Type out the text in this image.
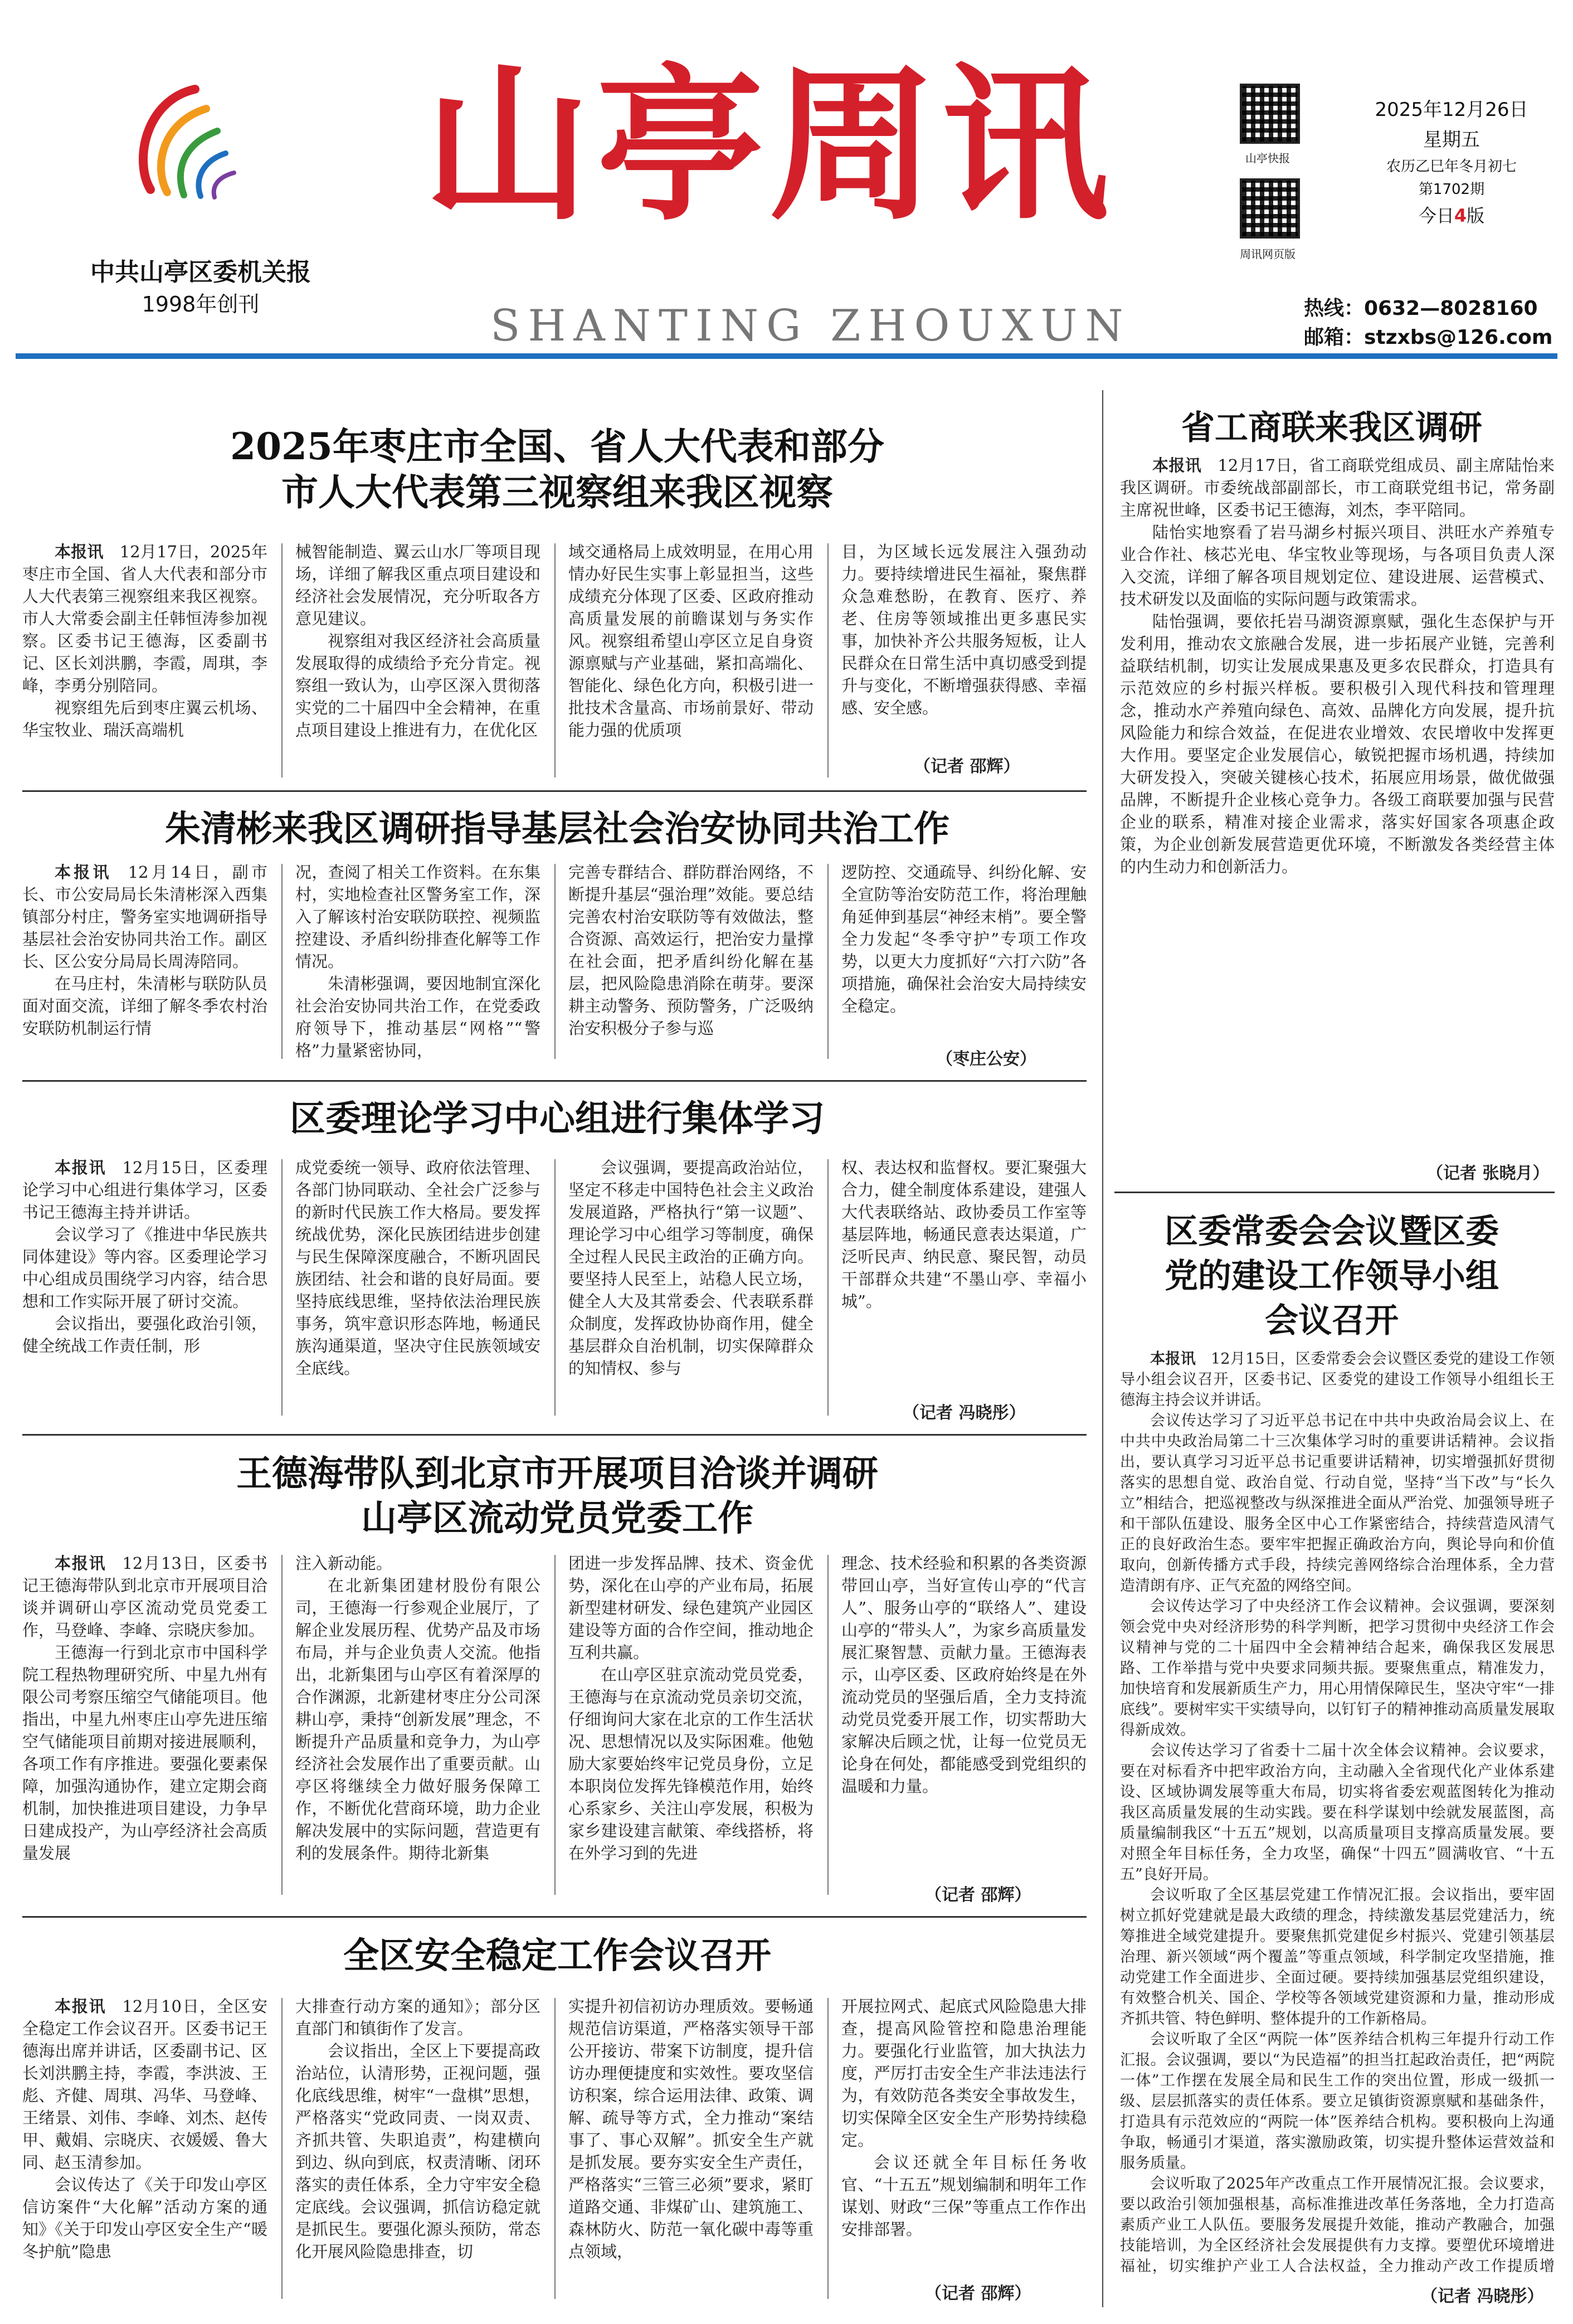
中共山亭区委机关报
1998年创刊
山亭周讯
SHANTING ZHOUXUN
山亭快报
周讯网页版
2025年12月26日
星期五
农历乙巳年冬月初七
第1702期
今日4版
热线：0632—8028160
邮箱：stzxbs@126.com
2025年枣庄市全国、省人大代表和部分
市人大代表第三视察组来我区视察

本报讯  12月17日，2025年枣庄市全国、省人大代表和部分市人大代表第三视察组来我区视察。市人大常委会副主任韩恒涛参加视察。区委书记王德海，区委副书记、区长刘洪鹏，李霞，周琪，李峰，李勇分别陪同。

视察组先后到枣庄翼云机场、华宝牧业、瑞沃高端机

械智能制造、翼云山水厂等项目现场，详细了解我区重点项目建设和经济社会发展情况，充分听取各方意见建议。

视察组对我区经济社会高质量发展取得的成绩给予充分肯定。视察组一致认为，山亭区深入贯彻落实党的二十届四中全会精神，在重点项目建设上推进有力，在优化区

域交通格局上成效明显，在用心用情办好民生实事上彰显担当，这些成绩充分体现了区委、区政府推动高质量发展的前瞻谋划与务实作风。视察组希望山亭区立足自身资源禀赋与产业基础，紧扣高端化、智能化、绿色化方向，积极引进一批技术含量高、市场前景好、带动能力强的优质项

目，为区域长远发展注入强劲动力。要持续增进民生福祉，聚焦群众急难愁盼，在教育、医疗、养老、住房等领域推出更多惠民实事，加快补齐公共服务短板，让人民群众在日常生活中真切感受到提升与变化，不断增强获得感、幸福感、安全感。

（记者 邵辉）
朱清彬来我区调研指导基层社会治安协同共治工作

本报讯  12月14日，副市长、市公安局局长朱清彬深入西集镇部分村庄，警务室实地调研指导基层社会治安协同共治工作。副区长、区公安分局局长周涛陪同。

在马庄村，朱清彬与联防队员面对面交流，详细了解冬季农村治安联防机制运行情

况，查阅了相关工作资料。在东集村，实地检查社区警务室工作，深入了解该村治安联防联控、视频监控建设、矛盾纠纷排查化解等工作情况。

朱清彬强调，要因地制宜深化社会治安协同共治工作，在党委政府领导下，推动基层“网格”“警格”力量紧密协同，

完善专群结合、群防群治网络，不断提升基层“强治理”效能。要总结完善农村治安联防等有效做法，整合资源、高效运行，把治安力量撑在社会面，把矛盾纠纷化解在基层，把风险隐患消除在萌芽。要深耕主动警务、预防警务，广泛吸纳治安积极分子参与巡

逻防控、交通疏导、纠纷化解、安全宣防等治安防范工作，将治理触角延伸到基层“神经末梢”。要全警全力发起“冬季守护”专项工作攻势，以更大力度抓好“六打六防”各项措施，确保社会治安大局持续安全稳定。

（枣庄公安）
区委理论学习中心组进行集体学习

本报讯  12月15日，区委理论学习中心组进行集体学习，区委书记王德海主持并讲话。

会议学习了《推进中华民族共同体建设》等内容。区委理论学习中心组成员围绕学习内容，结合思想和工作实际开展了研讨交流。

会议指出，要强化政治引领，健全统战工作责任制，形

成党委统一领导、政府依法管理、各部门协同联动、全社会广泛参与的新时代民族工作大格局。要发挥统战优势，深化民族团结进步创建与民生保障深度融合，不断巩固民族团结、社会和谐的良好局面。要坚持底线思维，坚持依法治理民族事务，筑牢意识形态阵地，畅通民族沟通渠道，坚决守住民族领域安全底线。

会议强调，要提高政治站位，坚定不移走中国特色社会主义政治发展道路，严格执行“第一议题”、理论学习中心组学习等制度，确保全过程人民民主政治的正确方向。要坚持人民至上，站稳人民立场，健全人大及其常委会、代表联系群众制度，发挥政协协商作用，健全基层群众自治机制，切实保障群众的知情权、参与

权、表达权和监督权。要汇聚强大合力，健全制度体系建设，建强人大代表联络站、政协委员工作室等基层阵地，畅通民意表达渠道，广泛听民声、纳民意、聚民智，动员干部群众共建“不墨山亭、幸福小城”。

（记者 冯晓彤）
王德海带队到北京市开展项目洽谈并调研
山亭区流动党员党委工作

本报讯  12月13日，区委书记王德海带队到北京市开展项目洽谈并调研山亭区流动党员党委工作，马登峰、李峰、宗晓庆参加。

王德海一行到北京市中国科学院工程热物理研究所、中星九州有限公司考察压缩空气储能项目。他指出，中星九州枣庄山亭先进压缩空气储能项目前期对接进展顺利，各项工作有序推进。要强化要素保障，加强沟通协作，建立定期会商机制，加快推进项目建设，力争早日建成投产，为山亭经济社会高质量发展

注入新动能。

在北新集团建材股份有限公司，王德海一行参观企业展厅，了解企业发展历程、优势产品及市场布局，并与企业负责人交流。他指出，北新集团与山亭区有着深厚的合作渊源，北新建材枣庄分公司深耕山亭，秉持“创新发展”理念，不断提升产品质量和竞争力，为山亭经济社会发展作出了重要贡献。山亭区将继续全力做好服务保障工作，不断优化营商环境，助力企业解决发展中的实际问题，营造更有利的发展条件。期待北新集

团进一步发挥品牌、技术、资金优势，深化在山亭的产业布局，拓展新型建材研发、绿色建筑产业园区建设等方面的合作空间，推动地企互利共赢。

在山亭区驻京流动党员党委，王德海与在京流动党员亲切交流，仔细询问大家在北京的工作生活状况、思想情况以及实际困难。他勉励大家要始终牢记党员身份，立足本职岗位发挥先锋模范作用，始终心系家乡、关注山亭发展，积极为家乡建设建言献策、牵线搭桥，将在外学习到的先进

理念、技术经验和积累的各类资源带回山亭，当好宣传山亭的“代言人”、服务山亭的“联络人”、建设山亭的“带头人”，为家乡高质量发展汇聚智慧、贡献力量。王德海表示，山亭区委、区政府始终是在外流动党员的坚强后盾，全力支持流动党员党委开展工作，切实帮助大家解决后顾之忧，让每一位党员无论身在何处，都能感受到党组织的温暖和力量。

（记者 邵辉）
全区安全稳定工作会议召开

本报讯  12月10日，全区安全稳定工作会议召开。区委书记王德海出席并讲话，区委副书记、区长刘洪鹏主持，李霞，李洪波、王彪、齐健、周琪、冯华、马登峰、王绪景、刘伟、李峰、刘杰、赵传甲、戴娟、宗晓庆、衣媛媛、鲁大同、赵玉清参加。

会议传达了《关于印发山亭区信访案件“大化解”活动方案的通知》《关于印发山亭区安全生产“暖冬护航”隐患

大排查行动方案的通知》；部分区直部门和镇街作了发言。

会议指出，全区上下要提高政治站位，认清形势，正视问题，强化底线思维，树牢“一盘棋”思想，严格落实“党政同责、一岗双责、齐抓共管、失职追责”，构建横向到边、纵向到底，权责清晰、闭环落实的责任体系，全力守牢安全稳定底线。会议强调，抓信访稳定就是抓民生。要强化源头预防，常态化开展风险隐患排查，切

实提升初信初访办理质效。要畅通规范信访渠道，严格落实领导干部公开接访、带案下访制度，提升信访办理便捷度和实效性。要攻坚信访积案，综合运用法律、政策、调解、疏导等方式，全力推动“案结事了、事心双解”。抓安全生产就是抓发展。要夯实安全生产责任，严格落实“三管三必须”要求，紧盯道路交通、非煤矿山、建筑施工、森林防火、防范一氧化碳中毒等重点领域，

开展拉网式、起底式风险隐患大排查，提高风险管控和隐患治理能力。要强化行业监管，加大执法力度，严厉打击安全生产非法违法行为，有效防范各类安全事故发生，切实保障全区安全生产形势持续稳定。

会议还就全年目标任务收官、“十五五”规划编制和明年工作谋划、财政“三保”等重点工作作出安排部署。

（记者 邵辉）
省工商联来我区调研

本报讯  12月17日，省工商联党组成员、副主席陆怡来我区调研。市委统战部副部长，市工商联党组书记，常务副主席祝世峰，区委书记王德海，刘杰，李平陪同。

陆怡实地察看了岩马湖乡村振兴项目、洪旺水产养殖专业合作社、核芯光电、华宝牧业等现场，与各项目负责人深入交流，详细了解各项目规划定位、建设进展、运营模式、技术研发以及面临的实际问题与政策需求。

陆怡强调，要依托岩马湖资源禀赋，强化生态保护与开发利用，推动农文旅融合发展，进一步拓展产业链，完善利益联结机制，切实让发展成果惠及更多农民群众，打造具有示范效应的乡村振兴样板。要积极引入现代科技和管理理念，推动水产养殖向绿色、高效、品牌化方向发展，提升抗风险能力和综合效益，在促进农业增效、农民增收中发挥更大作用。要坚定企业发展信心，敏锐把握市场机遇，持续加大研发投入，突破关键核心技术，拓展应用场景，做优做强品牌，不断提升企业核心竞争力。各级工商联要加强与民营企业的联系，精准对接企业需求，落实好国家各项惠企政策，为企业创新发展营造更优环境，不断激发各类经营主体的内生动力和创新活力。

（记者 张晓月）
区委常委会会议暨区委
党的建设工作领导小组
会议召开

本报讯  12月15日，区委常委会会议暨区委党的建设工作领导小组会议召开，区委书记、区委党的建设工作领导小组组长王德海主持会议并讲话。

会议传达学习了习近平总书记在中共中央政治局会议上、在中共中央政治局第二十三次集体学习时的重要讲话精神。会议指出，要认真学习习近平总书记重要讲话精神，切实增强抓好贯彻落实的思想自觉、政治自觉、行动自觉，坚持“当下改”与“长久立”相结合，把巡视整改与纵深推进全面从严治党、加强领导班子和干部队伍建设、服务全区中心工作紧密结合，持续营造风清气正的良好政治生态。要牢牢把握正确政治方向，舆论导向和价值取向，创新传播方式手段，持续完善网络综合治理体系，全力营造清朗有序、正气充盈的网络空间。

会议传达学习了中央经济工作会议精神。会议强调，要深刻领会党中央对经济形势的科学判断，把学习贯彻中央经济工作会议精神与党的二十届四中全会精神结合起来，确保我区发展思路、工作举措与党中央要求同频共振。要聚焦重点，精准发力，加快培育和发展新质生产力，用心用情保障民生，坚决守牢“一排底线”。要树牢实干实绩导向，以钉钉子的精神推动高质量发展取得新成效。

会议传达学习了省委十二届十次全体会议精神。会议要求，要在对标看齐中把牢政治方向，主动融入全省现代化产业体系建设、区域协调发展等重大布局，切实将省委宏观蓝图转化为推动我区高质量发展的生动实践。要在科学谋划中绘就发展蓝图，高质量编制我区“十五五”规划，以高质量项目支撑高质量发展。要对照全年目标任务，全力攻坚，确保“十四五”圆满收官、“十五五”良好开局。

会议听取了全区基层党建工作情况汇报。会议指出，要牢固树立抓好党建就是最大政绩的理念，持续激发基层党建活力，统筹推进全域党建提升。要聚焦抓党建促乡村振兴、党建引领基层治理、新兴领域“两个覆盖”等重点领域，科学制定攻坚措施，推动党建工作全面进步、全面过硬。要持续加强基层党组织建设，有效整合机关、国企、学校等各领域党建资源和力量，推动形成齐抓共管、特色鲜明、整体提升的工作新格局。

会议听取了全区“两院一体”医养结合机构三年提升行动工作汇报。会议强调，要以“为民造福”的担当扛起政治责任，把“两院一体”工作摆在发展全局和民生工作的突出位置，形成一级抓一级、层层抓落实的责任体系。要立足镇街资源禀赋和基础条件，打造具有示范效应的“两院一体”医养结合机构。要积极向上沟通争取，畅通引才渠道，落实激励政策，切实提升整体运营效益和服务质量。

会议听取了2025年产改重点工作开展情况汇报。会议要求，要以政治引领加强根基，高标准推进改革任务落地，全力打造高素质产业工人队伍。要服务发展提升效能，推动产教融合，加强技能培训，为全区经济社会发展提供有力支撑。要塑优环境增进福祉，切实维护产业工人合法权益，全力推动产改工作提质增

（记者 冯晓彤）
